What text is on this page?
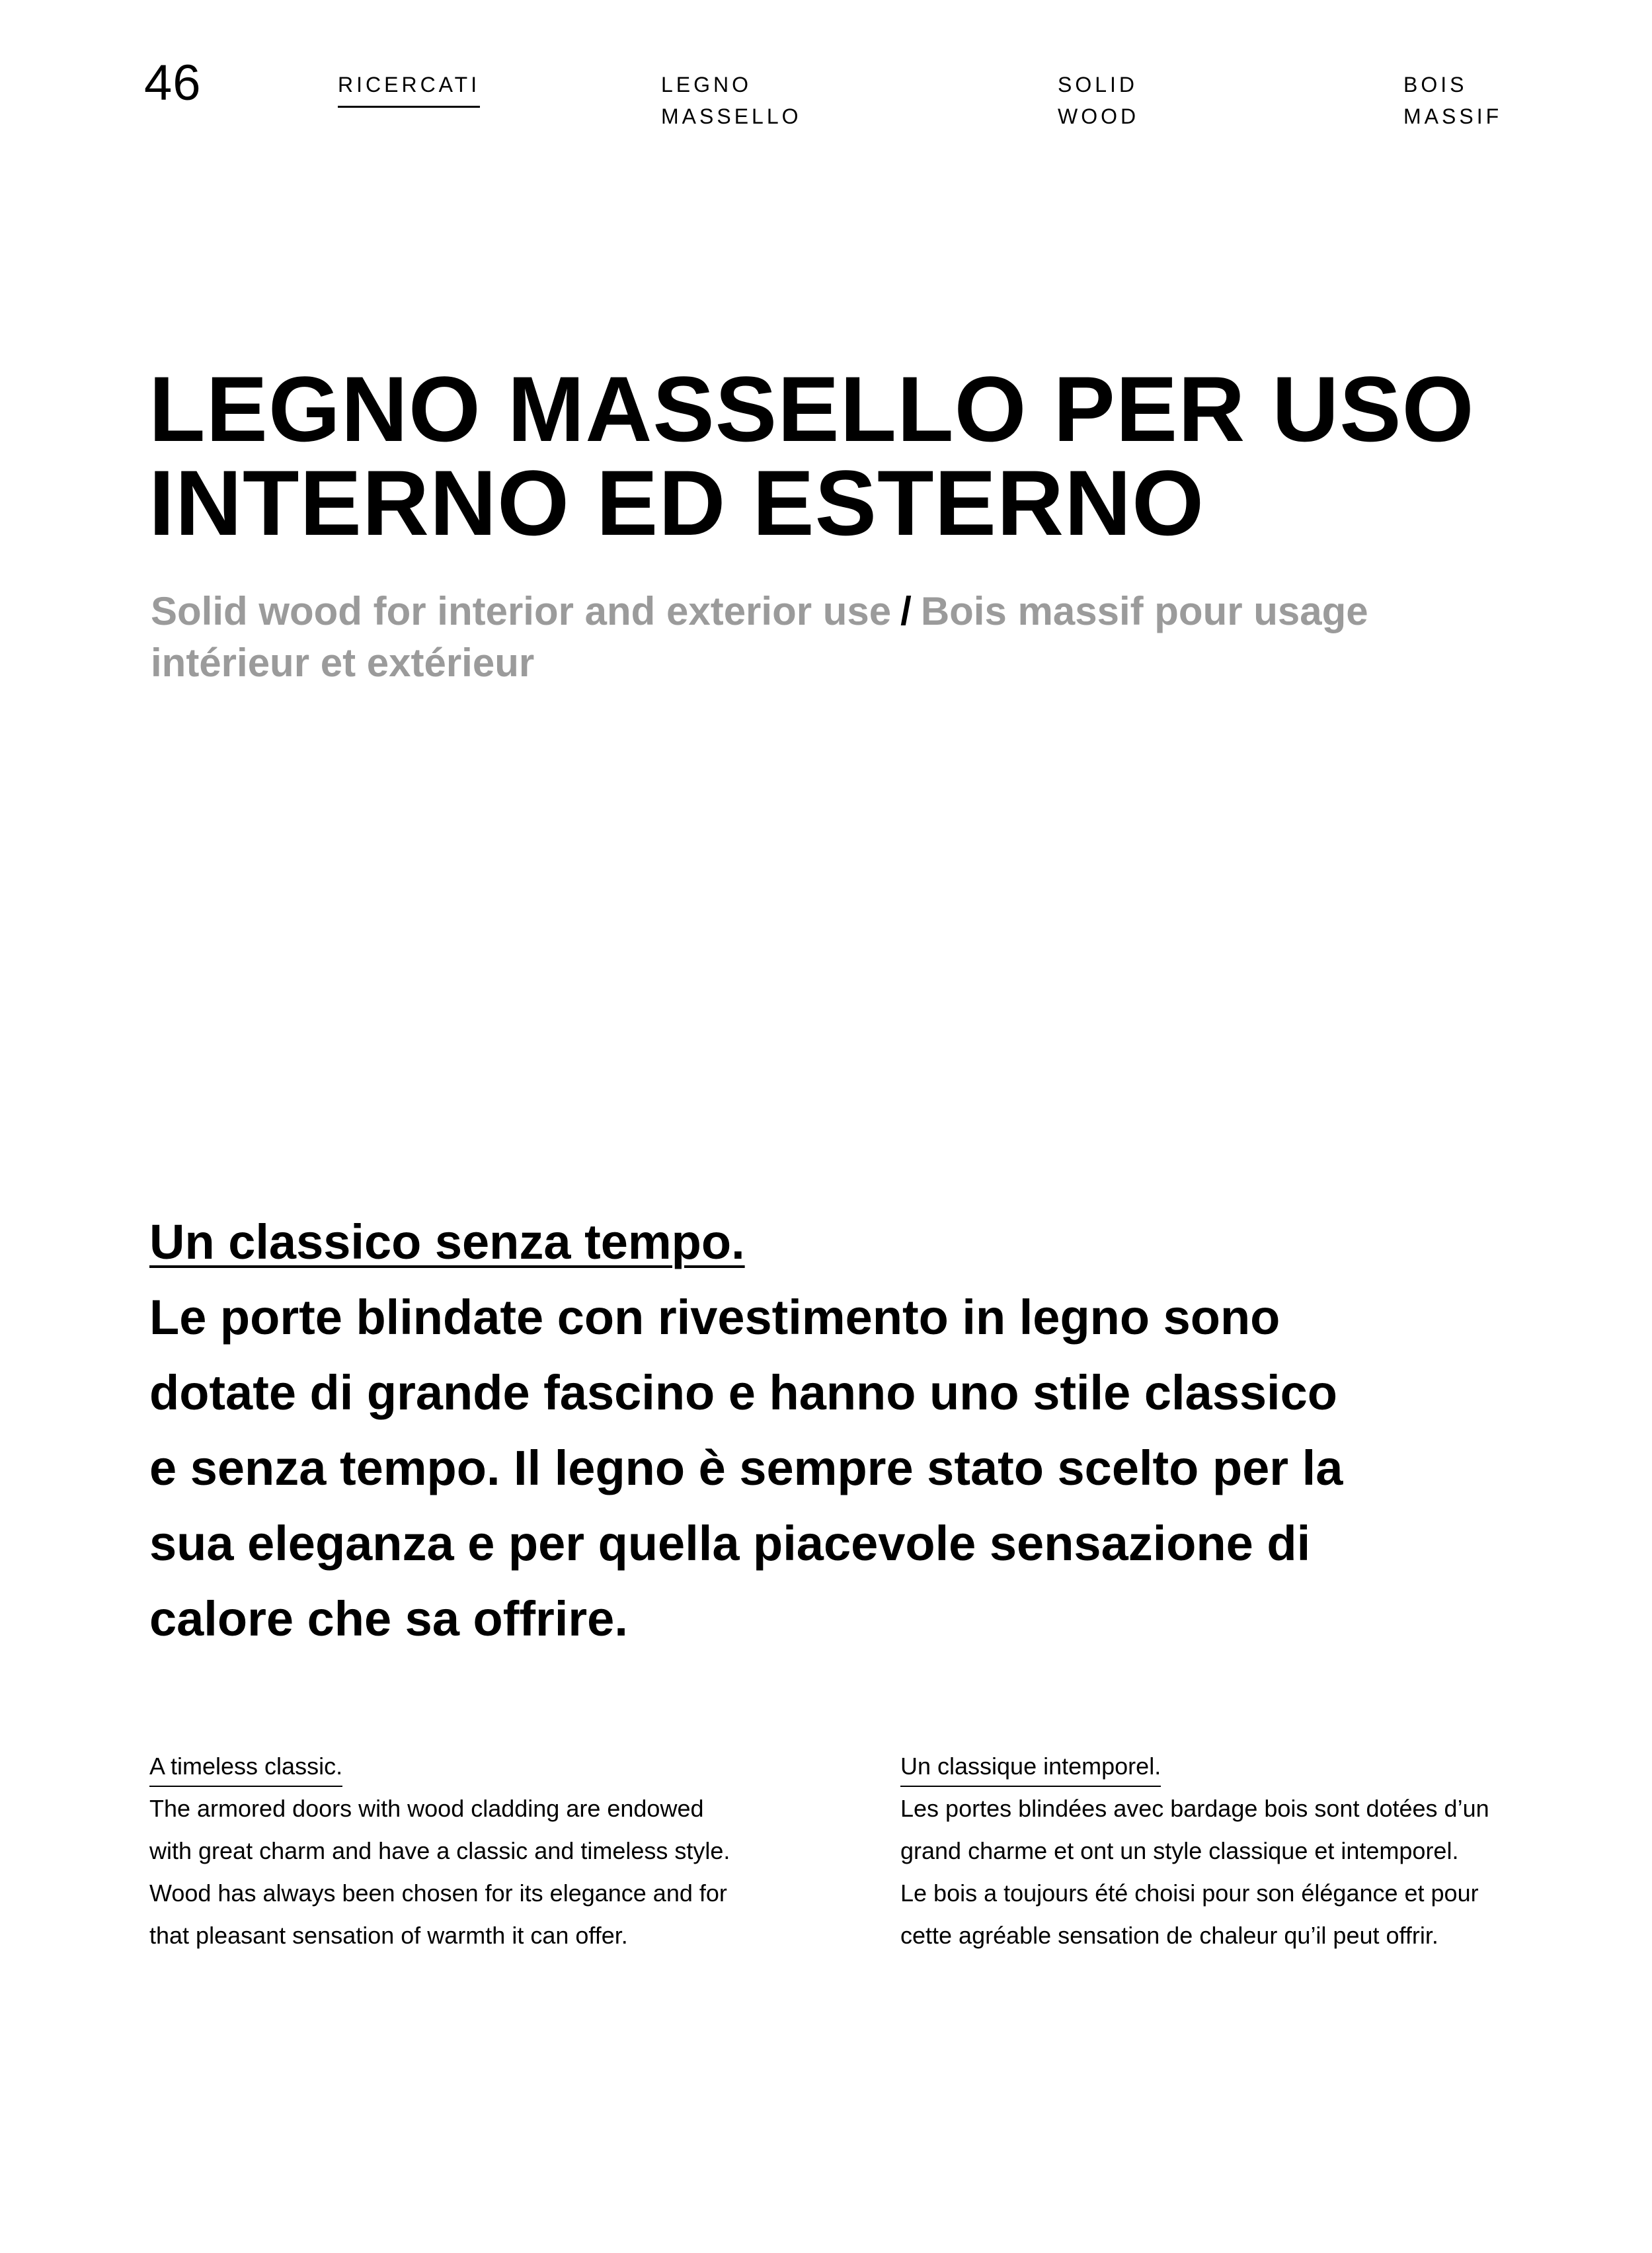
46	RICERCATI	LEGNO
MASSELLO
SOLID
WOOD
BOIS
MASSIF
LEGNO MASSELLO PER USO
INTERNO ED ESTERNO

Solid wood for interior and exterior use / Bois massif pour usage
intérieur et extérieur

Un classico senza tempo.
Le porte blindate con rivestimento in legno sono
dotate di grande fascino e hanno uno stile classico
e senza tempo. Il legno è sempre stato scelto per la
sua eleganza e per quella piacevole sensazione di
calore che sa offrire.
A timeless classic.
The armored doors with wood cladding are endowed
with great charm and have a classic and timeless style.
Wood has always been chosen for its elegance and for
that pleasant sensation of warmth it can offer.
Un classique intemporel.
Les portes blindées avec bardage bois sont dotées d’un
grand charme et ont un style classique et intemporel.
Le bois a toujours été choisi pour son élégance et pour
cette agréable sensation de chaleur qu’il peut offrir.
